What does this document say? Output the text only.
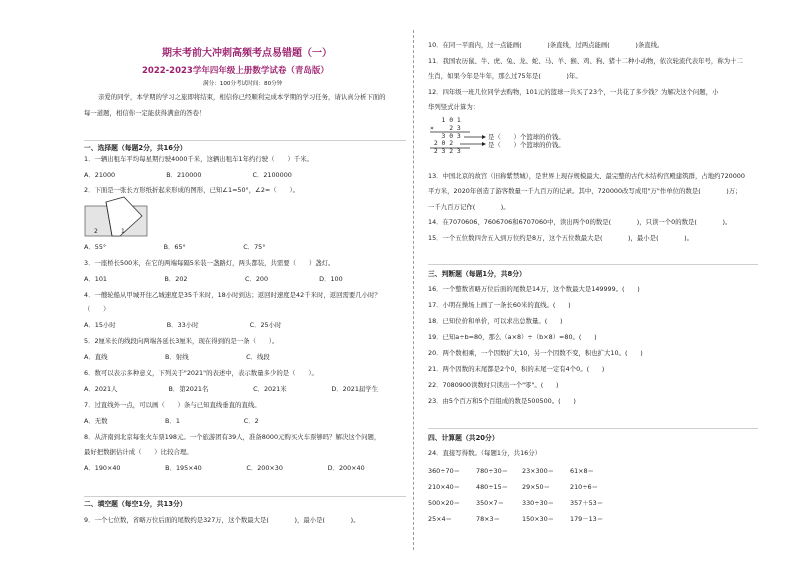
期末考前大冲刺高频考点易错题（一）
2022-2023学年四年级上册数学试卷（青岛版）
满分：100分考试时间：80分钟
亲爱的同学，本学期的学习之旅即将结束，相信你已经顺利完成本学期的学习任务，请认真分析下面的
每一道题，相信你一定能获得满意的答卷！
一、选择题（每题2分，共16分）
1．一辆出租车平均每星期行驶4000千米，这辆出租车1年约行驶（　　）千米。
A．21000　　　　　　　　B．210000　　　　　　　　C．2100000
2．下面是一张长方形纸折起来形成的图形，已知∠1=50°，∠2=（　　）。
1
2
A．55°　　　　　　　　　B．65°　　　　　　　　　C．75°
3．一座桥长500米，在它的两端每隔5米装一盏路灯，两头都装，共需要（　　）盏灯。
A．101　　　　　　　　　B．202　　　　　　　　　C．200　　　　　　　　D．100
4．一艘轮船从甲城开往乙城速度是35千米时，18小时到达；返回时速度是42千米时，返回需要几小时？
（　　）
A．15小时　　　　　　　　B．33小时　　　　　　　　C．25小时
5．2厘米长的线段向两端各延长3厘米，现在得到的是一条（　　）。
A．直线　　　　　　　　　B．射线　　　　　　　　　C．线段
6．数可以表示多种意义，下列关于"2021"的表述中，表示数量多少的是（　　）。
A．2021人　　　　　　　　B．第2021名　　　　　　　C．2021米　　　　　　　D．2021届学生
7．过直线外一点，可以画（　　）条与已知直线垂直的直线。
A．无数　　　　　　　　　B．1　　　　　　　　　　C．2
8．从济南到北京每张火车票198元。一个旅游团有39人，准备8000元购买火车票够吗？解决这个问题，
最好把数据估计成（　　）比较合理。
A．190×40　　　　　　　B．195×40　　　　　　　C．200×30　　　　　　　D．200×40
二、填空题（每空1分，共13分）
9．一个七位数，省略万位后面的尾数约是327万，这个数最大是(　　　　)，最小是(　　　　)。
10．在同一平面内，过一点能画(　　　　)条直线，过两点能画(　　　　)条直线。
11．我国农历鼠、牛、虎、兔、龙、蛇、马、羊、猴、鸡、狗、猪十二种小动物，依次轮流代表年号，称为十二
生肖，如果今年是牛年，那么过75年是(　　　　)年。
12．四年级一班几位同学去购物，101元的篮球一共买了23个，一共花了多少钱？为解决这个问题，小
华列竖式计算为：
1 0 1
×    2 3
3 0 3
2 0 2
2 3 2 3
是（　　）个篮球的价钱。
是（　　）个篮球的价钱。
13．中国北京的故宫（旧称紫禁城），是世界上现存规模最大、最完整的古代木结构宫殿建筑群，占地约720000
平方米，2020年创造了游客数量一千九百万的记录。其中，720000改写成用"万"作单位的数是(　　　　)万；
一千九百万记作(　　　　)。
14．在7070606、7606706和6707060中，读出两个0的数是(　　　　)，只读一个0的数是(　　　　)。
15．一个五位数四舍五入到万位约是8万，这个五位数最大是(　　　　)，最小是(　　　　)。
三、判断题（每题1分，共8分）
16．一个整数省略万位后面的尾数是14万，这个数最大是149999。(　　)
17．小明在操场上画了一条长60米的直线。(　　)
18．已知位价和单价，可以求出总数量。(　　)
19．已知a÷b=80，那么（a×8）÷（b×8）=80。(　　)
20．两个数相乘，一个因数扩大10，另一个因数不变，积也扩大10。(　　)
21．两个因数的末尾都是2个0，积的末尾一定有4个0。(　　)
22．7080900读数时只读出一个"零"。(　　)
23．由5个百万和5个百组成的数是500500。(　　)
四、计算题（共20分）
24．直接写得数。（每题1分，共16分）
360÷70＝ 780÷30＝ 23×300＝ 61×8＝
210×40＝ 480÷15＝ 29×50＝	210÷6＝
500×20＝ 350×7＝	330÷30＝ 357＋53＝
25×4＝	78×3＝	150×30＝ 179－13＝
